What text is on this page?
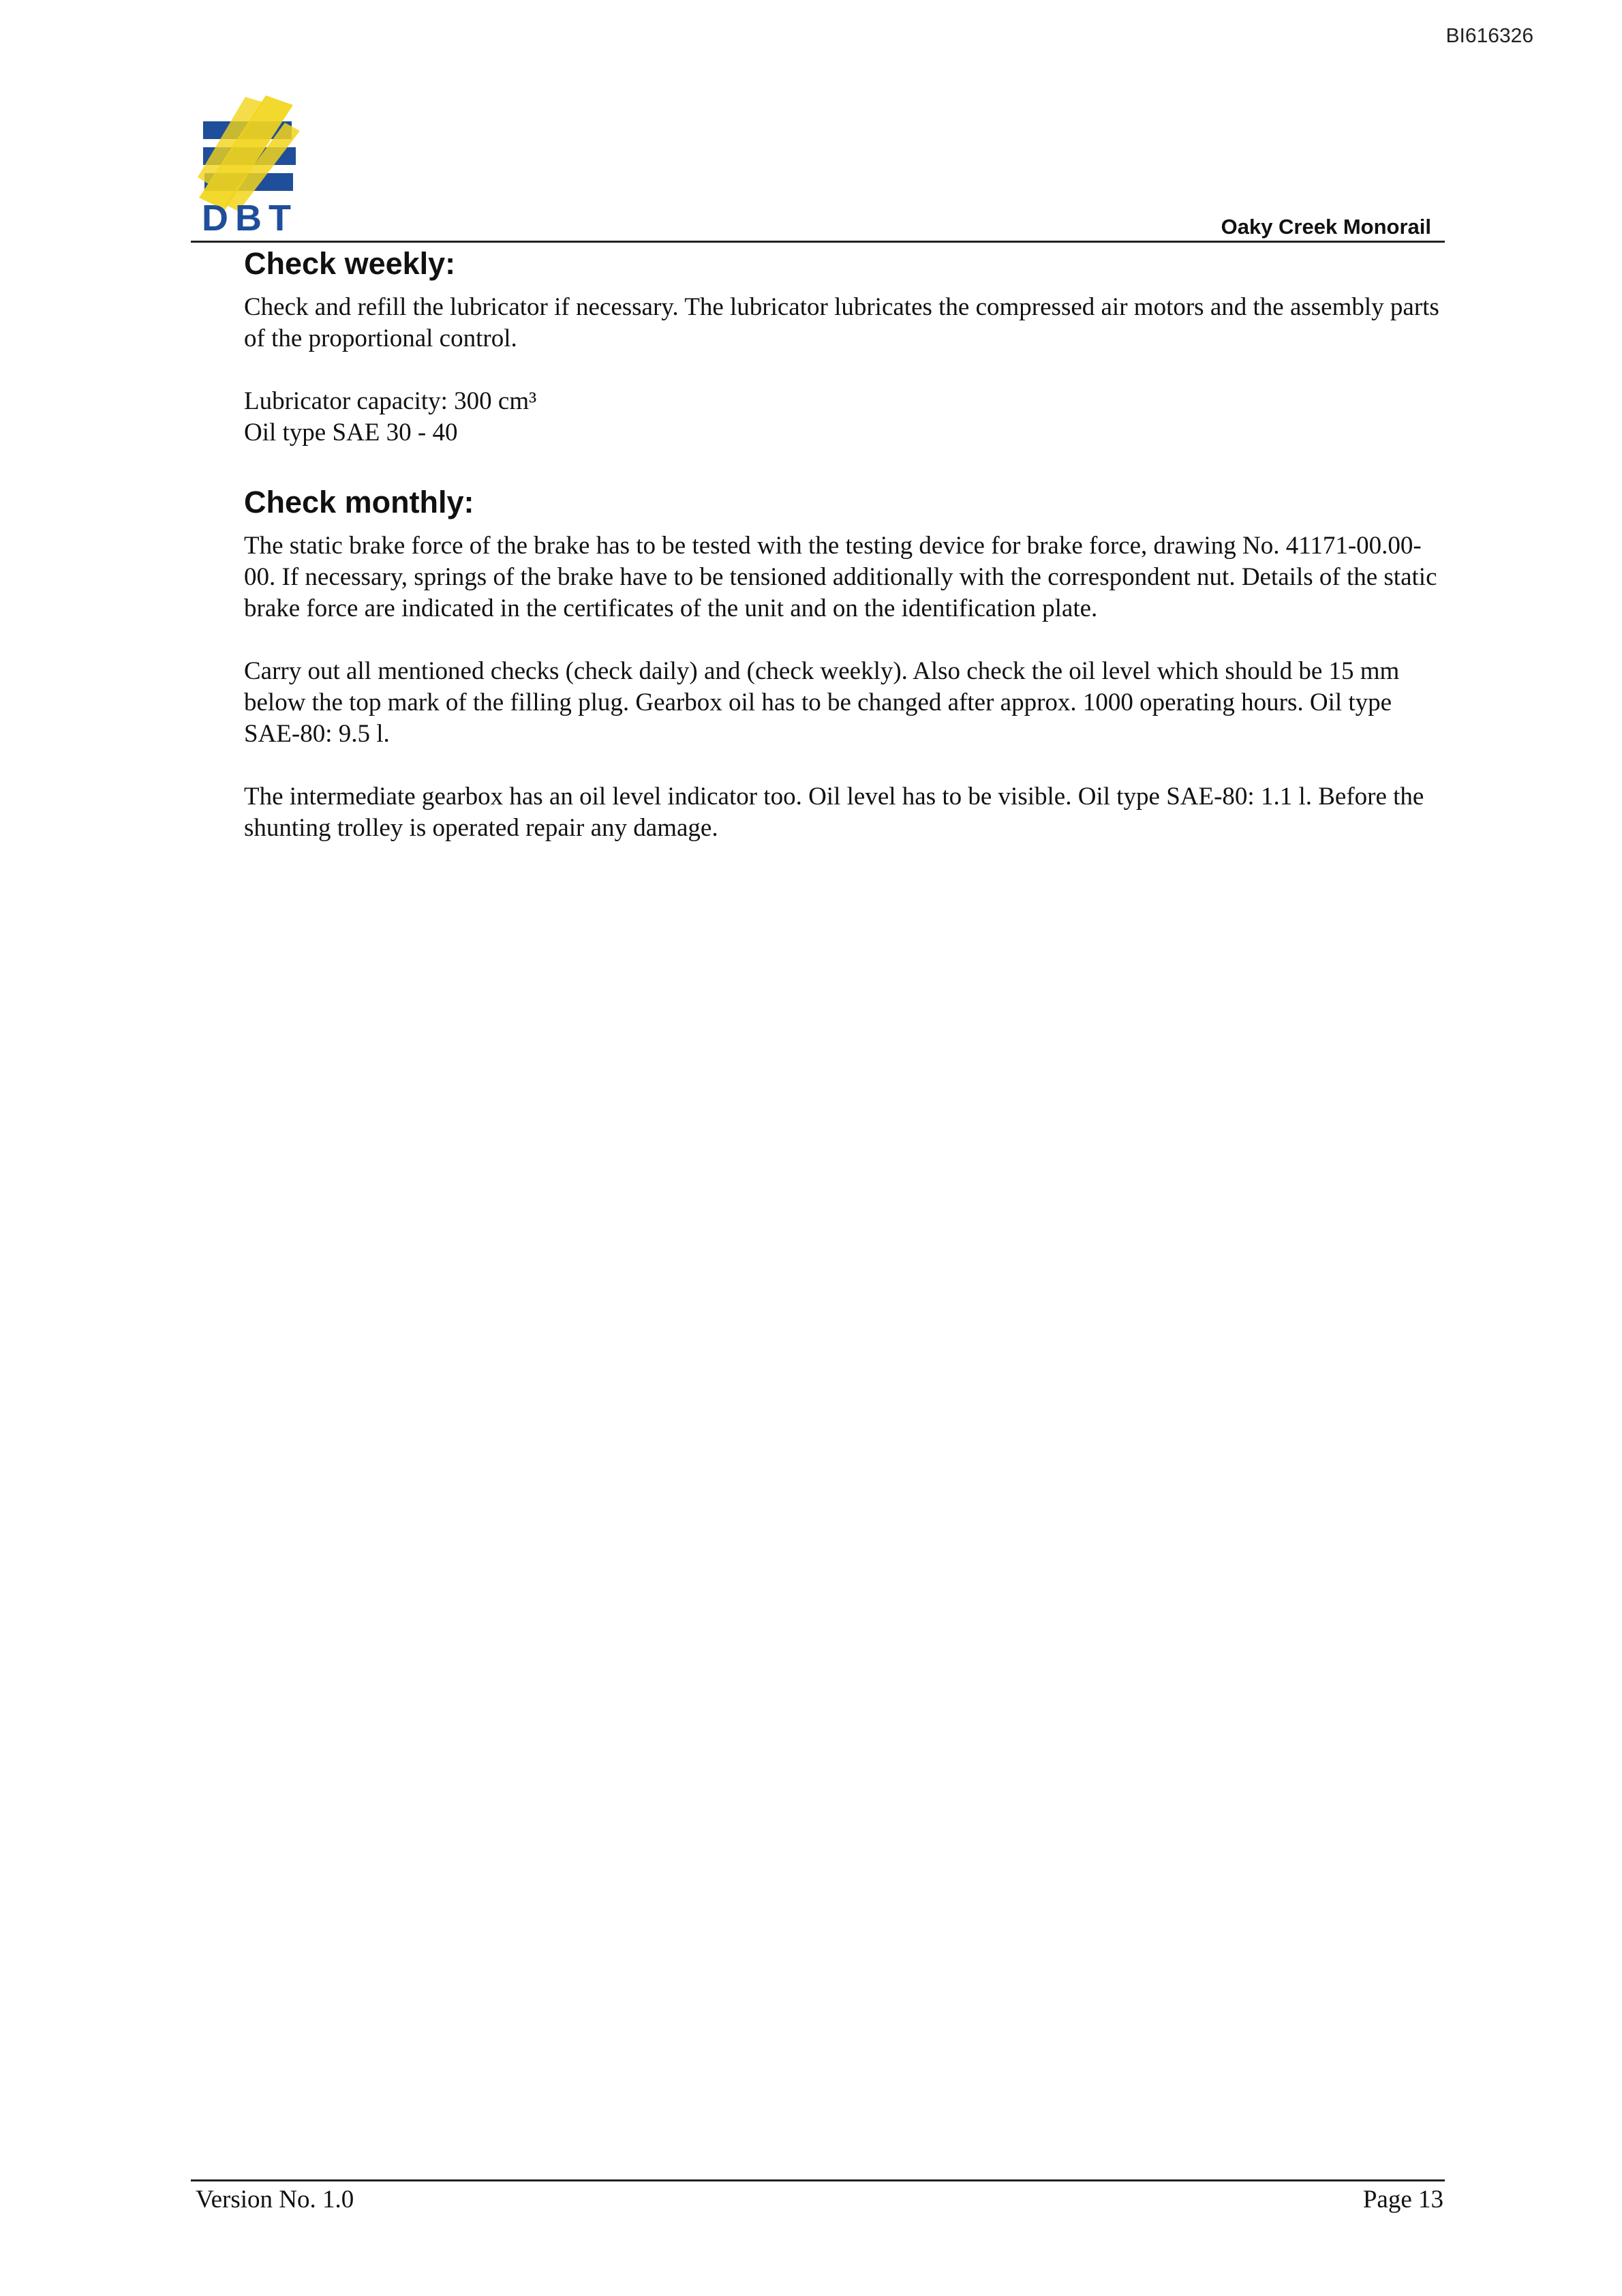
BI616326
DBT	Oaky Creek Monorail
Check weekly:

Check and refill the lubricator if necessary. The lubricator lubricates the compressed air motors and the assembly parts of the proportional control.

Lubricator capacity: 300 cm³

Oil type SAE 30 - 40

Check monthly:

The static brake force of the brake has to be tested with the testing device for brake force, drawing No. 41171-00.00-00. If necessary, springs of the brake have to be tensioned additionally with the correspondent nut. Details of the static brake force are indicated in the certificates of the unit and on the identification plate.

Carry out all mentioned checks (check daily) and (check weekly). Also check the oil level which should be 15 mm below the top mark of the filling plug. Gearbox oil has to be changed after approx. 1000 operating hours. Oil type SAE-80: 9.5 l.

The intermediate gearbox has an oil level indicator too. Oil level has to be visible. Oil type SAE-80: 1.1 l. Before the shunting trolley is operated repair any damage.

Version No. 1.0	Page 13
